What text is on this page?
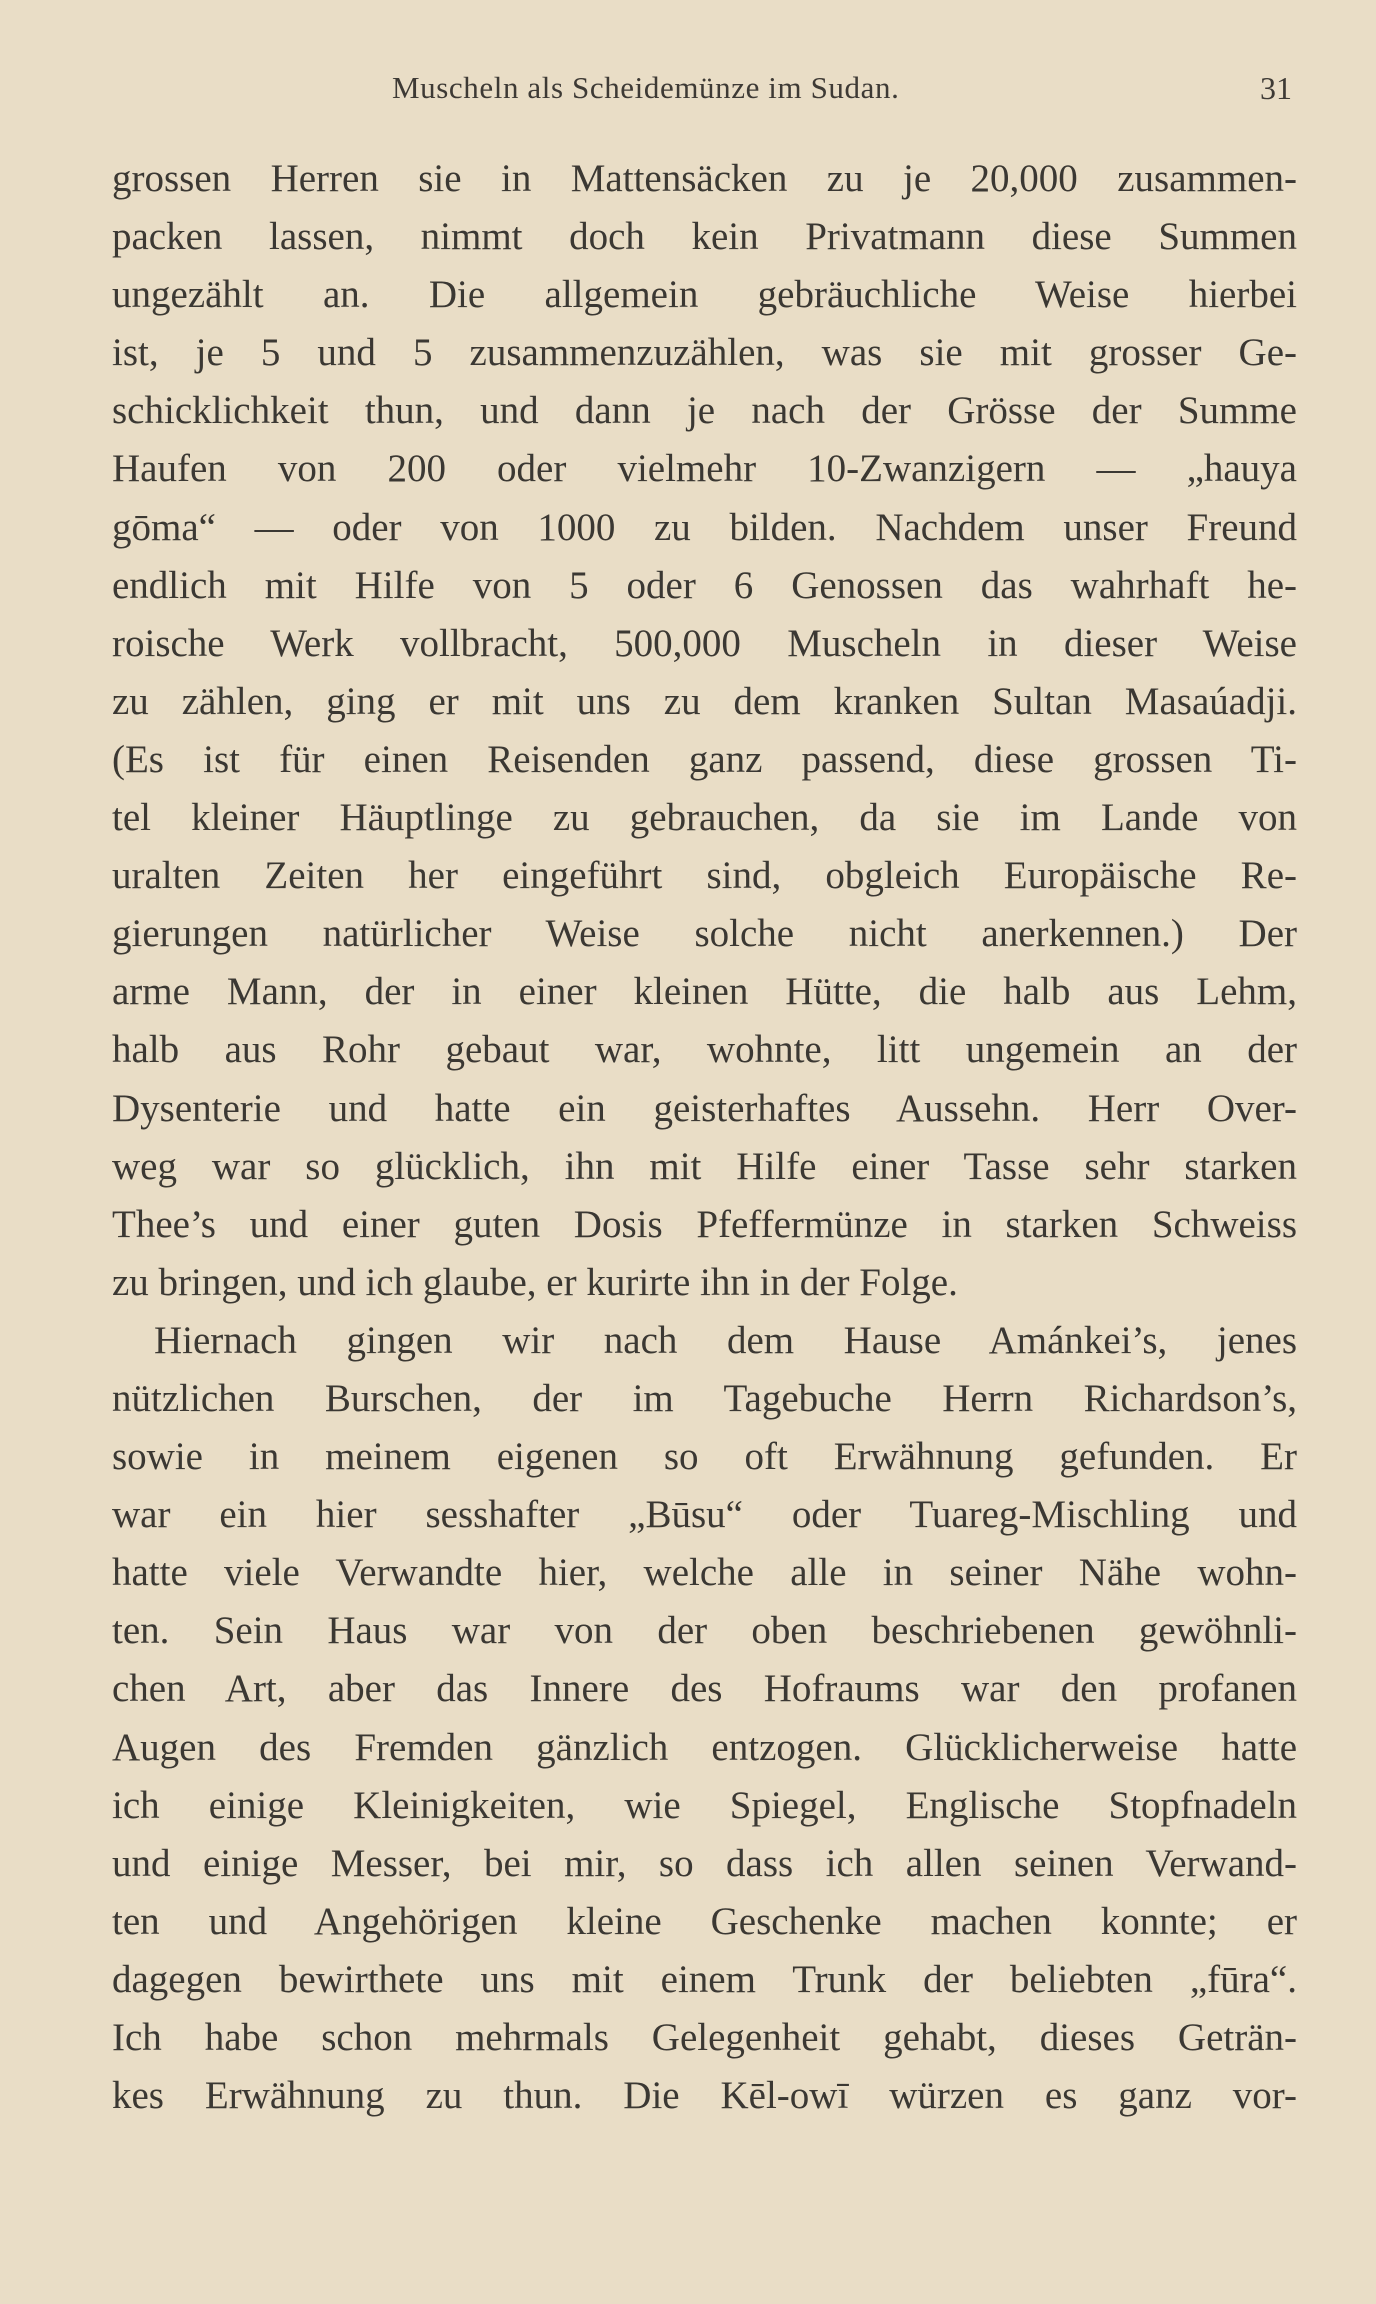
Muscheln als Scheidemünze im Sudan.	31
grossen Herren sie in Mattensäcken zu je 20,000 zusammen-
packen lassen, nimmt doch kein Privatmann diese Summen
ungezählt an. Die allgemein gebräuchliche Weise hierbei
ist, je 5 und 5 zusammenzuzählen, was sie mit grosser Ge-
schicklichkeit thun, und dann je nach der Grösse der Summe
Haufen von 200 oder vielmehr 10-Zwanzigern — „hauya
gōma“ — oder von 1000 zu bilden. Nachdem unser Freund
endlich mit Hilfe von 5 oder 6 Genossen das wahrhaft he-
roische Werk vollbracht, 500,000 Muscheln in dieser Weise
zu zählen, ging er mit uns zu dem kranken Sultan Masaúadji.
(Es ist für einen Reisenden ganz passend, diese grossen Ti-
tel kleiner Häuptlinge zu gebrauchen, da sie im Lande von
uralten Zeiten her eingeführt sind, obgleich Europäische Re-
gierungen natürlicher Weise solche nicht anerkennen.) Der
arme Mann, der in einer kleinen Hütte, die halb aus Lehm,
halb aus Rohr gebaut war, wohnte, litt ungemein an der
Dysenterie und hatte ein geisterhaftes Aussehn. Herr Over-
weg war so glücklich, ihn mit Hilfe einer Tasse sehr starken
Thee’s und einer guten Dosis Pfeffermünze in starken Schweiss
zu bringen, und ich glaube, er kurirte ihn in der Folge.
Hiernach gingen wir nach dem Hause Amánkei’s, jenes
nützlichen Burschen, der im Tagebuche Herrn Richardson’s,
sowie in meinem eigenen so oft Erwähnung gefunden. Er
war ein hier sesshafter „Būsu“ oder Tuareg-Mischling und
hatte viele Verwandte hier, welche alle in seiner Nähe wohn-
ten. Sein Haus war von der oben beschriebenen gewöhnli-
chen Art, aber das Innere des Hofraums war den profanen
Augen des Fremden gänzlich entzogen. Glücklicherweise hatte
ich einige Kleinigkeiten, wie Spiegel, Englische Stopfnadeln
und einige Messer, bei mir, so dass ich allen seinen Verwand-
ten und Angehörigen kleine Geschenke machen konnte; er
dagegen bewirthete uns mit einem Trunk der beliebten „fūra“.
Ich habe schon mehrmals Gelegenheit gehabt, dieses Geträn-
kes Erwähnung zu thun. Die Kēl-owī würzen es ganz vor-
